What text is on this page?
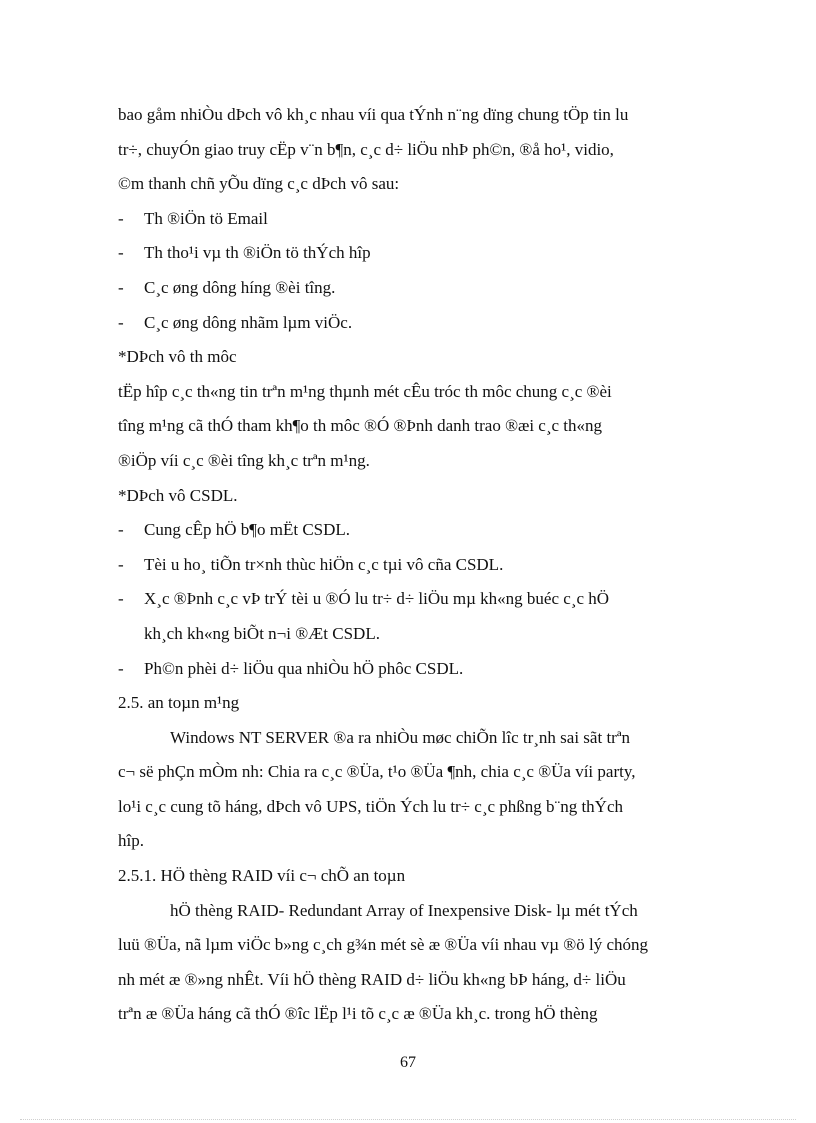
bao gåm nhiÒu dÞch vô kh¸c nhau víi qua tÝnh n¨ng dïng chung tÖp tin lu
tr÷, chuyÓn giao truy cËp v¨n b¶n, c¸c d÷ liÖu nhÞ ph©n, ®å ho¹, vidio,
©m thanh chñ yÕu dïng c¸c dÞch vô sau:
- Th ®iÖn tö Email
- Th tho¹i vµ th ®iÖn tö thÝch hîp
- C¸c øng dông híng ®èi tîng.
- C¸c øng dông nhãm lµm viÖc.
*DÞch vô th môc
tËp hîp c¸c th«ng tin trªn m¹ng thµnh mét cÊu tróc th môc chung c¸c ®èi
tîng m¹ng cã thÓ tham kh¶o th môc ®Ó ®Þnh danh trao ®æi c¸c th«ng
®iÖp víi c¸c ®èi tîng kh¸c trªn m¹ng.
*DÞch vô CSDL.
- Cung cÊp hÖ b¶o mËt CSDL.
- Tèi u ho¸ tiÕn tr×nh thùc hiÖn c¸c tµi vô cña CSDL.
- X¸c ®Þnh c¸c vÞ trÝ tèi u ®Ó lu tr÷ d÷ liÖu mµ kh«ng buéc c¸c hÖ
kh¸ch kh«ng biÕt n¬i ®Æt CSDL.
- Ph©n phèi d÷ liÖu qua nhiÒu hÖ phôc CSDL.
2.5. an toµn m¹ng
Windows NT SERVER ®a ra nhiÒu møc chiÕn lîc tr¸nh sai sãt trªn
c¬ së phÇn mÒm nh: Chia ra c¸c ®Üa, t¹o ®Üa ¶nh, chia c¸c ®Üa víi party,
lo¹i c¸c cung tõ háng, dÞch vô UPS, tiÖn Ých lu tr÷ c¸c phßng b¨ng thÝch
hîp.
2.5.1. HÖ thèng RAID víi c¬ chÕ an toµn
hÖ thèng RAID- Redundant Array of Inexpensive Disk- lµ mét tÝch
luü ®Üa, nã lµm viÖc b»ng c¸ch g¾n mét sè æ ®Üa víi nhau vµ ®ö lý chóng
nh mét æ ®»ng nhÊt. Víi hÖ thèng RAID d÷ liÖu kh«ng bÞ háng, d÷ liÖu
trªn æ ®Üa háng cã thÓ ®îc lËp l¹i tõ c¸c æ ®Üa kh¸c. trong hÖ thèng
67
